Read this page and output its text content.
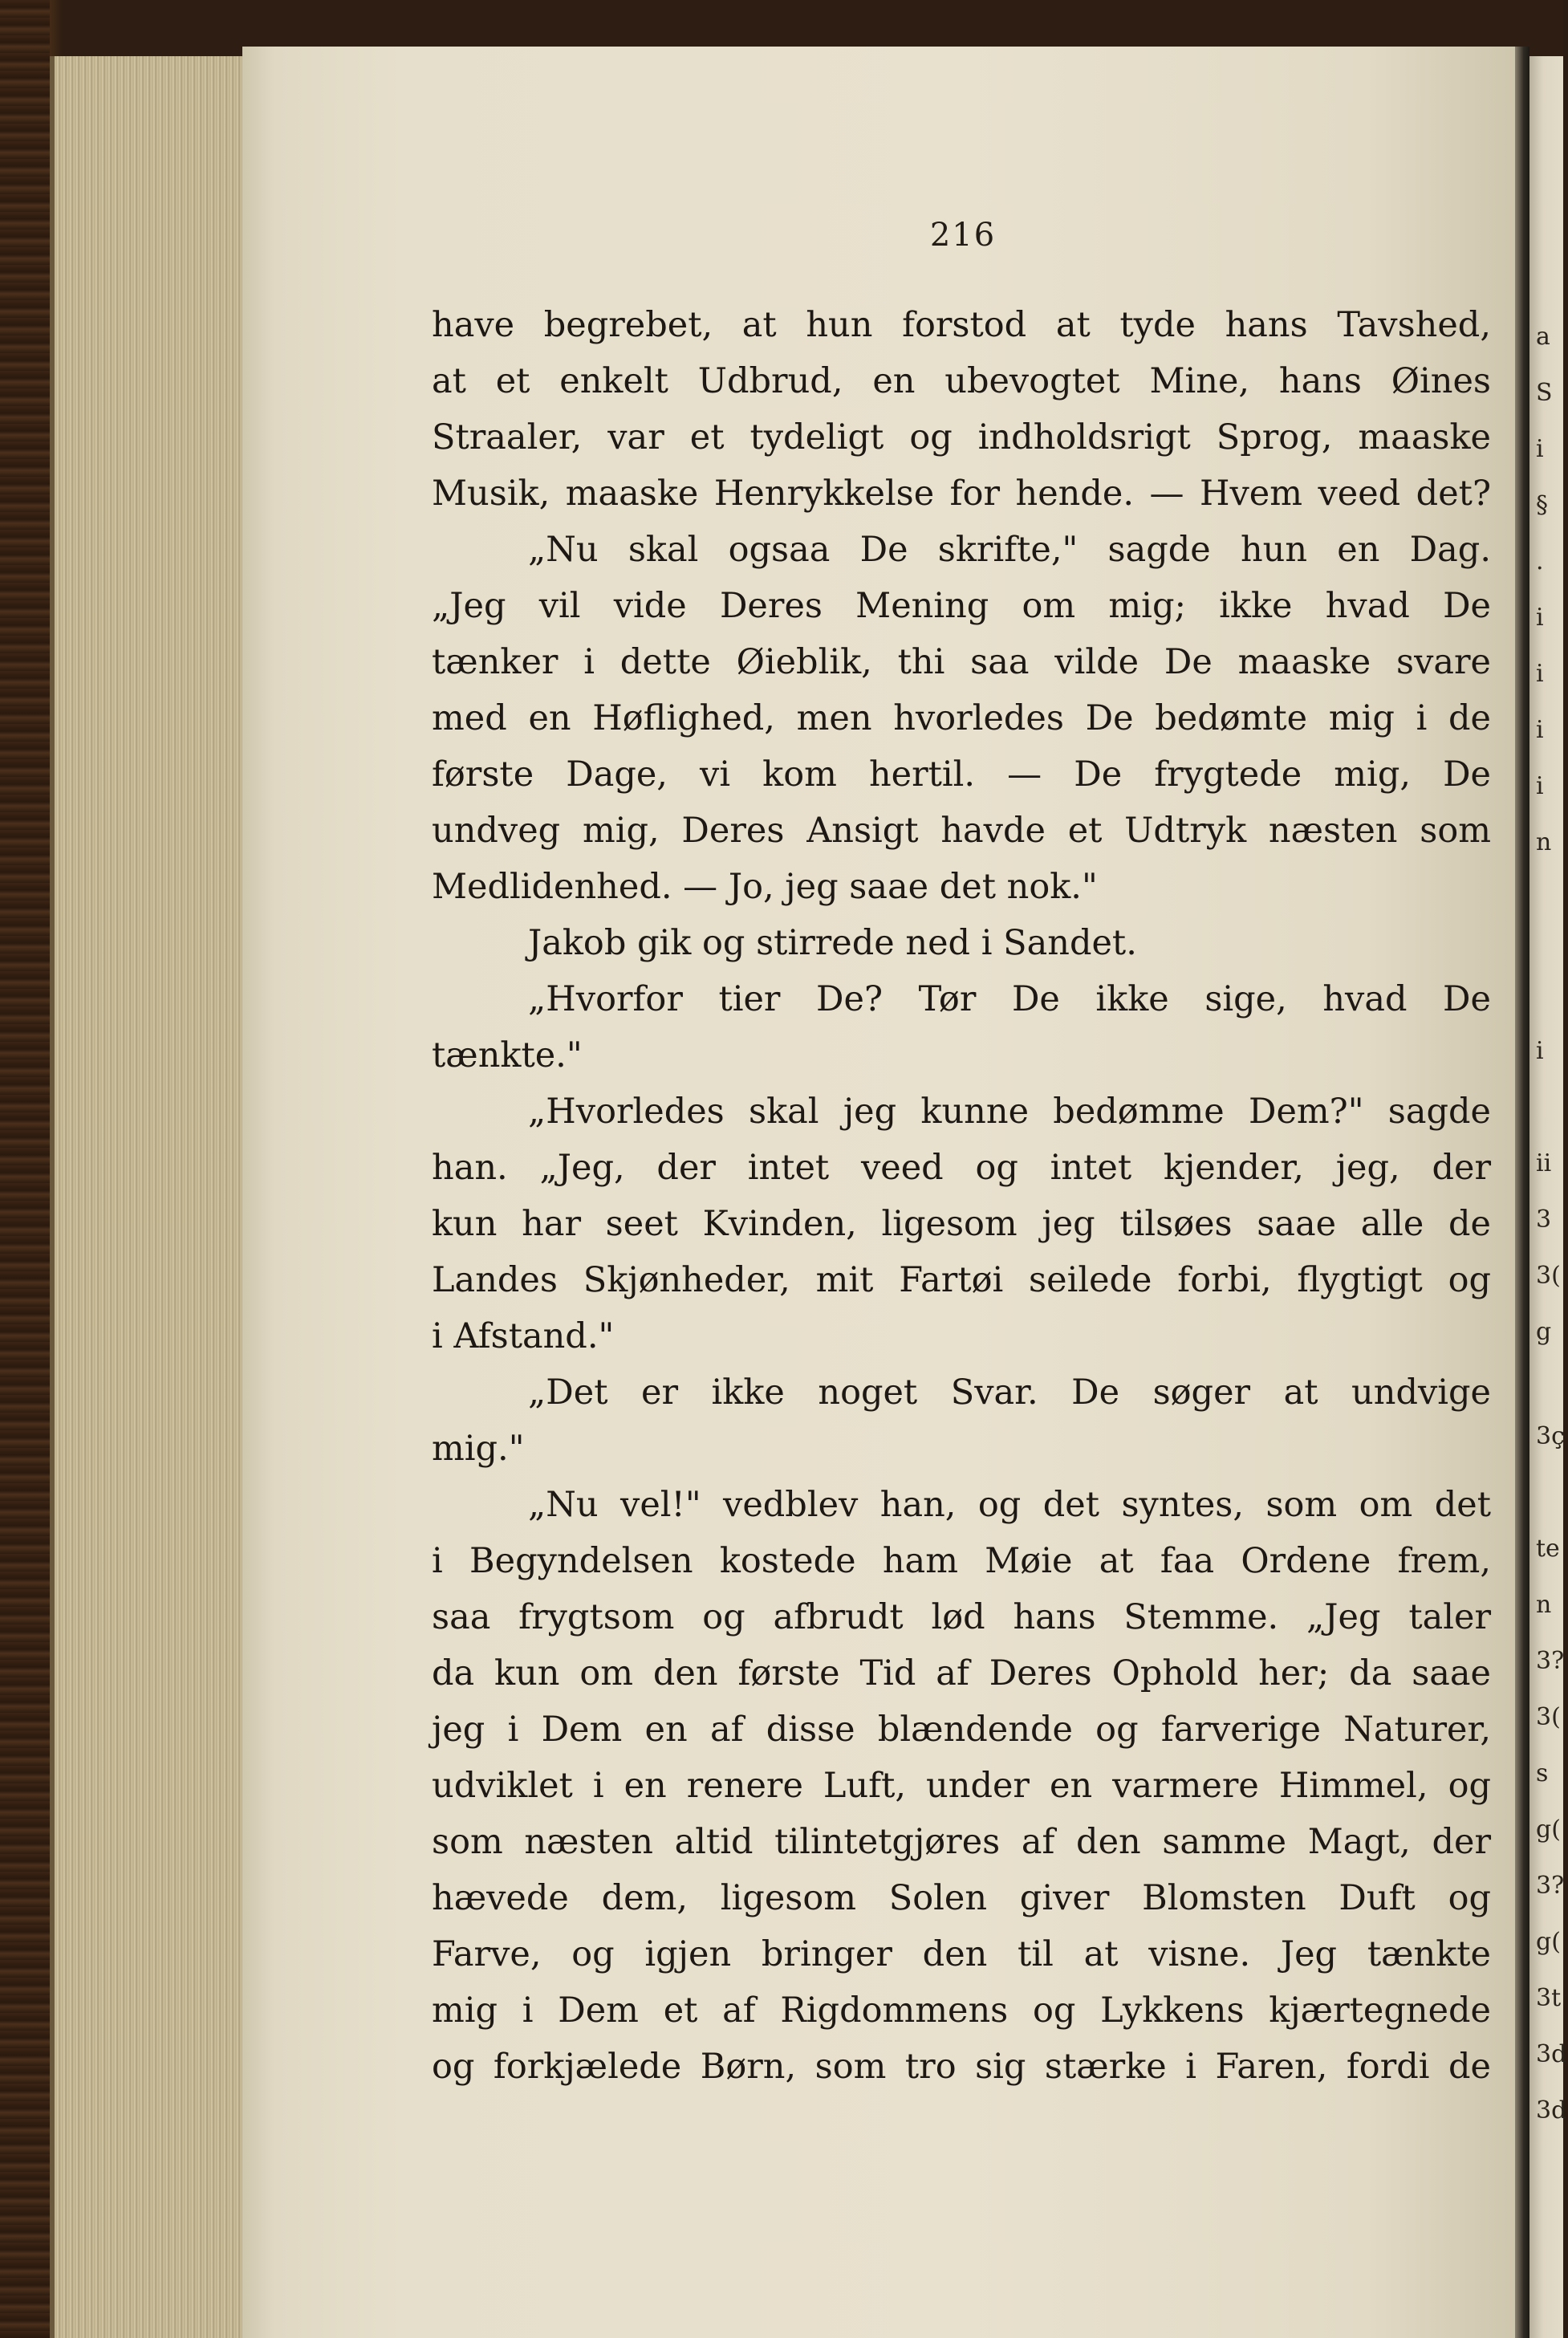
216
have begrebet, at hun forstod at tyde hans Tavshed,
at et enkelt Udbrud, en ubevogtet Mine, hans Øines
Straaler, var et tydeligt og indholdsrigt Sprog, maaske
Musik, maaske Henrykkelse for hende. — Hvem veed det?
„Nu skal ogsaa De skrifte," sagde hun en Dag.
„Jeg vil vide Deres Mening om mig; ikke hvad De
tænker i dette Øieblik, thi saa vilde De maaske svare
med en Høflighed, men hvorledes De bedømte mig i de
første Dage, vi kom hertil. — De frygtede mig, De
undveg mig, Deres Ansigt havde et Udtryk næsten som
Medlidenhed. — Jo, jeg saae det nok."
Jakob gik og stirrede ned i Sandet.
„Hvorfor tier De? Tør De ikke sige, hvad De
tænkte."
„Hvorledes skal jeg kunne bedømme Dem?" sagde
han. „Jeg, der intet veed og intet kjender, jeg, der
kun har seet Kvinden, ligesom jeg tilsøes saae alle de
Landes Skjønheder, mit Fartøi seilede forbi, flygtigt og
i Afstand."
„Det er ikke noget Svar. De søger at undvige
mig."
„Nu vel!" vedblev han, og det syntes, som om det
i Begyndelsen kostede ham Møie at faa Ordene frem,
saa frygtsom og afbrudt lød hans Stemme. „Jeg taler
da kun om den første Tid af Deres Ophold her; da saae
jeg i Dem en af disse blændende og farverige Naturer,
udviklet i en renere Luft, under en varmere Himmel, og
som næsten altid tilintetgjøres af den samme Magt, der
hævede dem, ligesom Solen giver Blomsten Duft og
Farve, og igjen bringer den til at visne. Jeg tænkte
mig i Dem et af Rigdommens og Lykkens kjærtegnede
og forkjælede Børn, som tro sig stærke i Faren, fordi de
a
S
i
§
.
i
i
i
i
n
i
ii
3
3(
g
3ç
te
n
3?
3(
s
g(
3?
g(
3t
3d
3d
